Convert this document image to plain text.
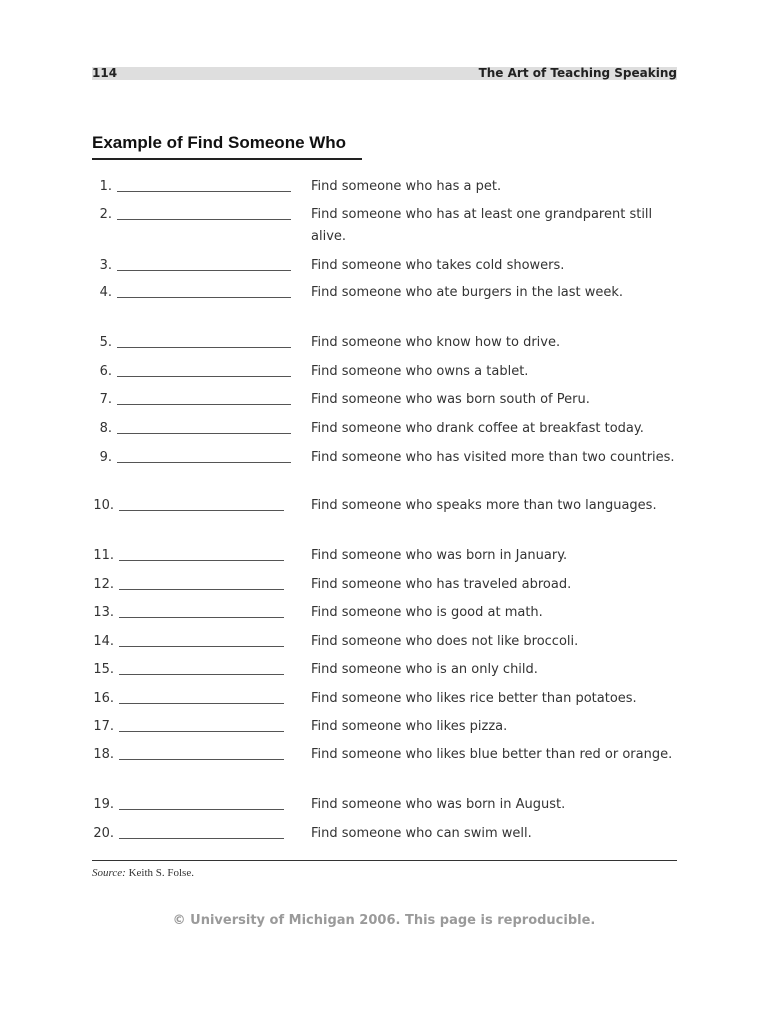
114	The Art of Teaching Speaking
Example of Find Someone Who
1.	Find someone who has a pet.
2.	Find someone who has at least one grandparent still alive.
3.	Find someone who takes cold showers.
4.	Find someone who ate burgers in the last week.
5.	Find someone who know how to drive.
6.	Find someone who owns a tablet.
7.	Find someone who was born south of Peru.
8.	Find someone who drank coffee at breakfast today.
9.	Find someone who has visited more than two countries.
10.	Find someone who speaks more than two languages.
11.	Find someone who was born in January.
12.	Find someone who has traveled abroad.
13.	Find someone who is good at math.
14.	Find someone who does not like broccoli.
15.	Find someone who is an only child.
16.	Find someone who likes rice better than potatoes.
17.	Find someone who likes pizza.
18.	Find someone who likes blue better than red or orange.
19.	Find someone who was born in August.
20.	Find someone who can swim well.
Source: Keith S. Folse.
© University of Michigan 2006. This page is reproducible.
